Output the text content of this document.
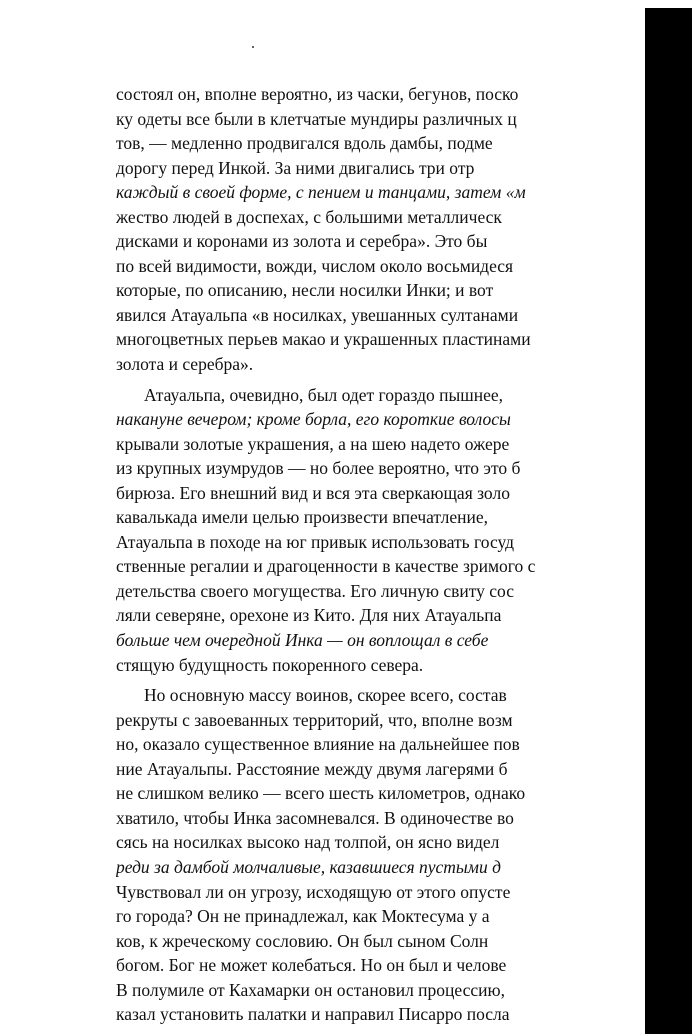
состоял он, вполне вероятно, из часки, бегунов, поско
ку одеты все были в клетчатые мундиры различных ц
тов, — медленно продвигался вдоль дамбы, подме
дорогу перед Инкой. За ними двигались три отр
каждый в своей форме, с пением и танцами, затем «м
жество людей в доспехах, с большими металлическ
дисками и коронами из золота и серебра». Это бы
по всей видимости, вожди, числом около восьмидеся
которые, по описанию, несли носилки Инки; и вот
явился Атауальпа «в носилках, увешанных султанами
многоцветных перьев макао и украшенных пластинами
золота и серебра».
Атауальпа, очевидно, был одет гораздо пышнее,
накануне вечером; кроме борла, его короткие волосы
крывали золотые украшения, а на шею надето ожере
из крупных изумрудов — но более вероятно, что это б
бирюза. Его внешний вид и вся эта сверкающая золо
кавалькада имели целью произвести впечатление,
Атауальпа в походе на юг привык использовать госуд
ственные регалии и драгоценности в качестве зримого с
детельства своего могущества. Его личную свиту сос
ляли северяне, орехоне из Кито. Для них Атауальпа
больше чем очередной Инка — он воплощал в себе
стящую будущность покоренного севера.
Но основную массу воинов, скорее всего, состав
рекруты с завоеванных территорий, что, вполне возм
но, оказало существенное влияние на дальнейшее пов
ние Атауальпы. Расстояние между двумя лагерями б
не слишком велико — всего шесть километров, однако
хватило, чтобы Инка засомневался. В одиночестве во
сясь на носилках высоко над толпой, он ясно видел
реди за дамбой молчаливые, казавшиеся пустыми д
Чувствовал ли он угрозу, исходящую от этого опусте
го города? Он не принадлежал, как Моктесума у а
ков, к жреческому сословию. Он был сыном Солн
богом. Бог не может колебаться. Но он был и челове
В полумиле от Кахамарки он остановил процессию,
казал установить палатки и направил Писарро посла
